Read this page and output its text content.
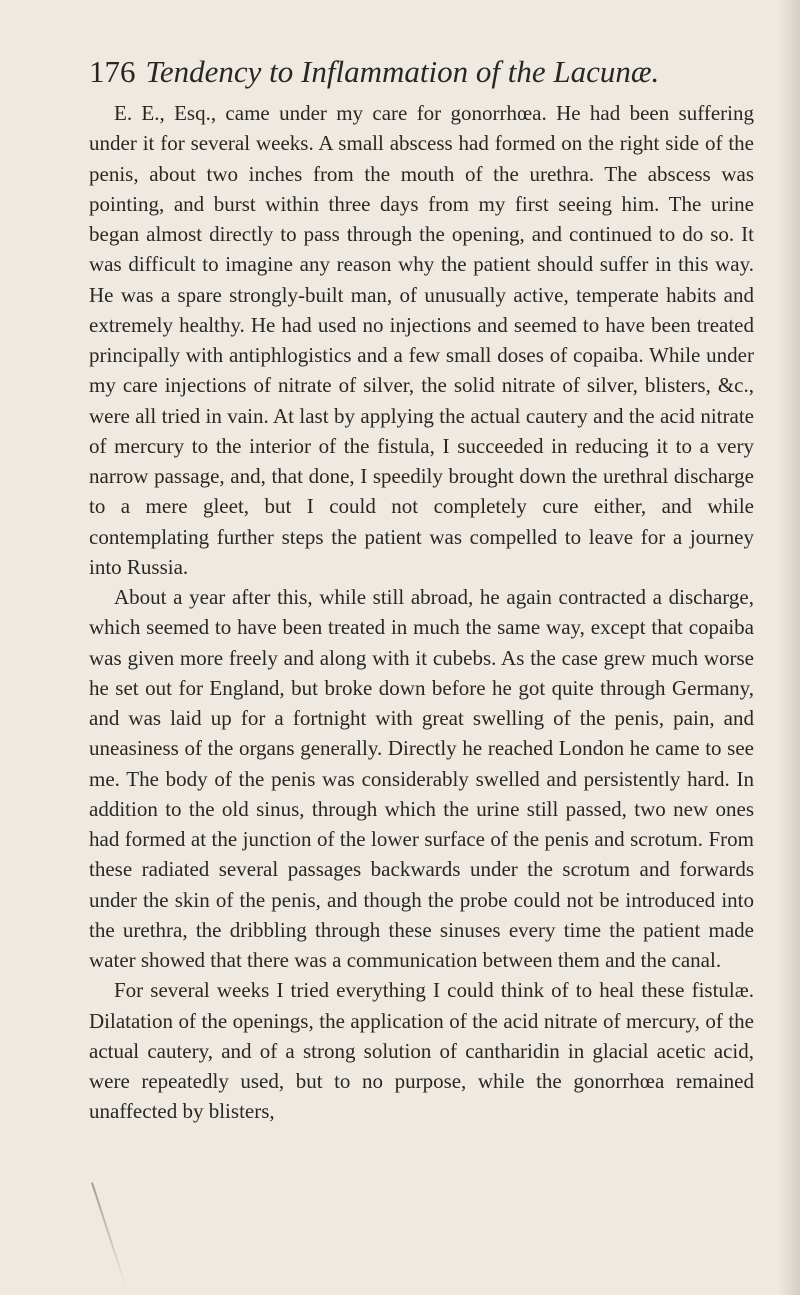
176 Tendency to Inflammation of the Lacunæ.

E. E., Esq., came under my care for gonorrhœa. He had been suffering under it for several weeks. A small abscess had formed on the right side of the penis, about two inches from the mouth of the urethra. The abscess was pointing, and burst within three days from my first seeing him. The urine began almost directly to pass through the opening, and continued to do so. It was difficult to imagine any reason why the patient should suffer in this way. He was a spare strongly-built man, of unusually active, temperate habits and extremely healthy. He had used no injections and seemed to have been treated principally with antiphlogistics and a few small doses of copaiba. While under my care injections of nitrate of silver, the solid nitrate of silver, blisters, &c., were all tried in vain. At last by applying the actual cautery and the acid nitrate of mercury to the interior of the fistula, I succeeded in reducing it to a very narrow passage, and, that done, I speedily brought down the urethral discharge to a mere gleet, but I could not completely cure either, and while contemplating further steps the patient was compelled to leave for a journey into Russia.

About a year after this, while still abroad, he again contracted a discharge, which seemed to have been treated in much the same way, except that copaiba was given more freely and along with it cubebs. As the case grew much worse he set out for England, but broke down before he got quite through Germany, and was laid up for a fortnight with great swelling of the penis, pain, and uneasiness of the organs generally. Directly he reached London he came to see me. The body of the penis was considerably swelled and persistently hard. In addition to the old sinus, through which the urine still passed, two new ones had formed at the junction of the lower surface of the penis and scrotum. From these radiated several passages backwards under the scrotum and forwards under the skin of the penis, and though the probe could not be introduced into the urethra, the dribbling through these sinuses every time the patient made water showed that there was a communication between them and the canal.

For several weeks I tried everything I could think of to heal these fistulæ. Dilatation of the openings, the application of the acid nitrate of mercury, of the actual cautery, and of a strong solution of cantharidin in glacial acetic acid, were repeatedly used, but to no purpose, while the gonorrhœa remained unaffected by blisters,
